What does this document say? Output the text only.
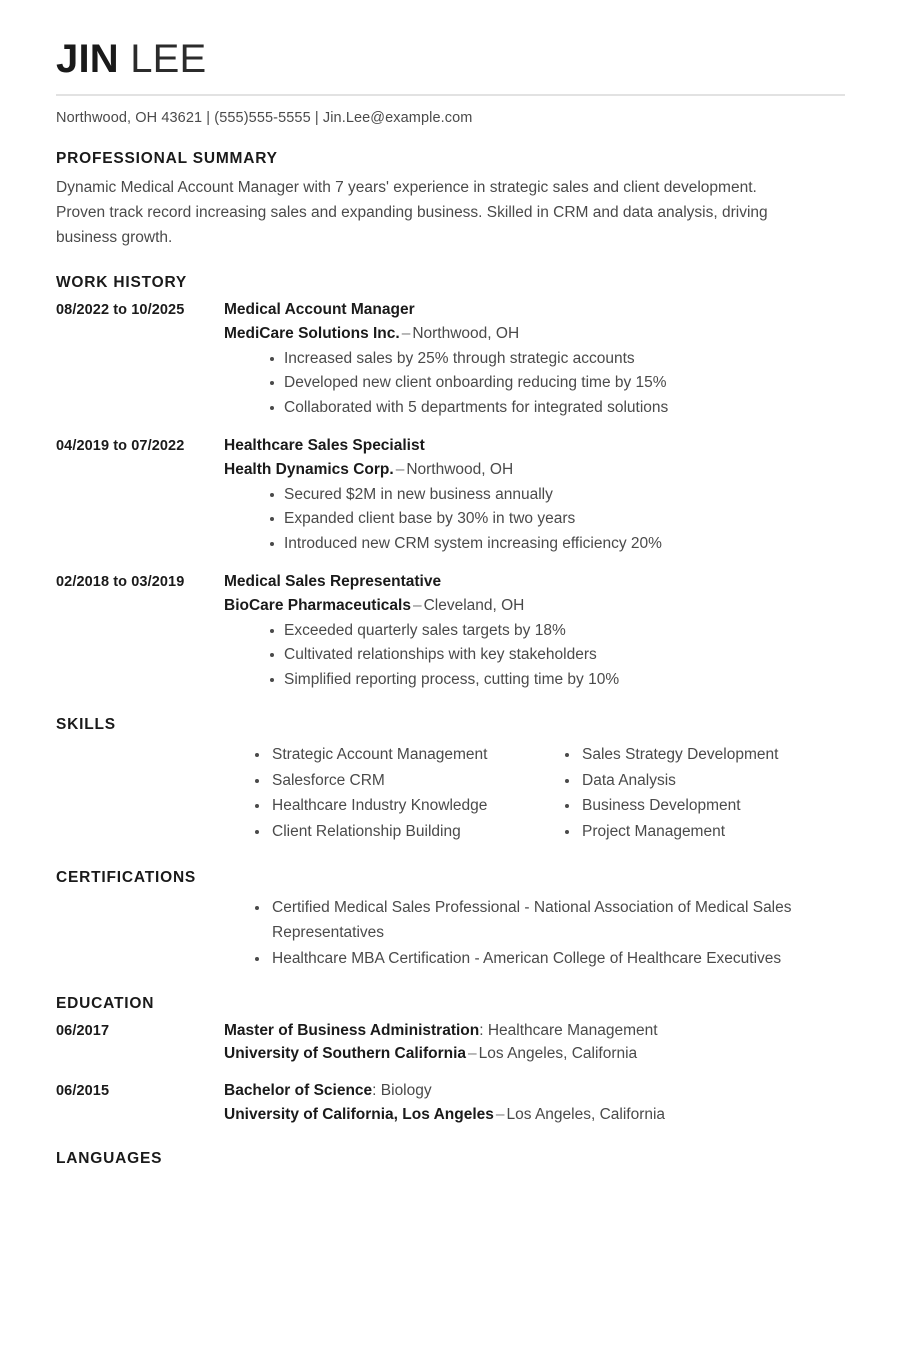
JIN LEE
Northwood, OH 43621 | (555)555-5555 | Jin.Lee@example.com
PROFESSIONAL SUMMARY
Dynamic Medical Account Manager with 7 years' experience in strategic sales and client development. Proven track record increasing sales and expanding business. Skilled in CRM and data analysis, driving business growth.
WORK HISTORY
08/2022 to 10/2025	Medical Account Manager
MediCare Solutions Inc. – Northwood, OH
Increased sales by 25% through strategic accounts
Developed new client onboarding reducing time by 15%
Collaborated with 5 departments for integrated solutions
04/2019 to 07/2022	Healthcare Sales Specialist
Health Dynamics Corp. – Northwood, OH
Secured $2M in new business annually
Expanded client base by 30% in two years
Introduced new CRM system increasing efficiency 20%
02/2018 to 03/2019	Medical Sales Representative
BioCare Pharmaceuticals – Cleveland, OH
Exceeded quarterly sales targets by 18%
Cultivated relationships with key stakeholders
Simplified reporting process, cutting time by 10%
SKILLS
Strategic Account Management
Salesforce CRM
Healthcare Industry Knowledge
Client Relationship Building
Sales Strategy Development
Data Analysis
Business Development
Project Management
CERTIFICATIONS
Certified Medical Sales Professional - National Association of Medical Sales Representatives
Healthcare MBA Certification - American College of Healthcare Executives
EDUCATION
06/2017	Master of Business Administration: Healthcare Management
University of Southern California – Los Angeles, California
06/2015	Bachelor of Science: Biology
University of California, Los Angeles – Los Angeles, California
LANGUAGES
